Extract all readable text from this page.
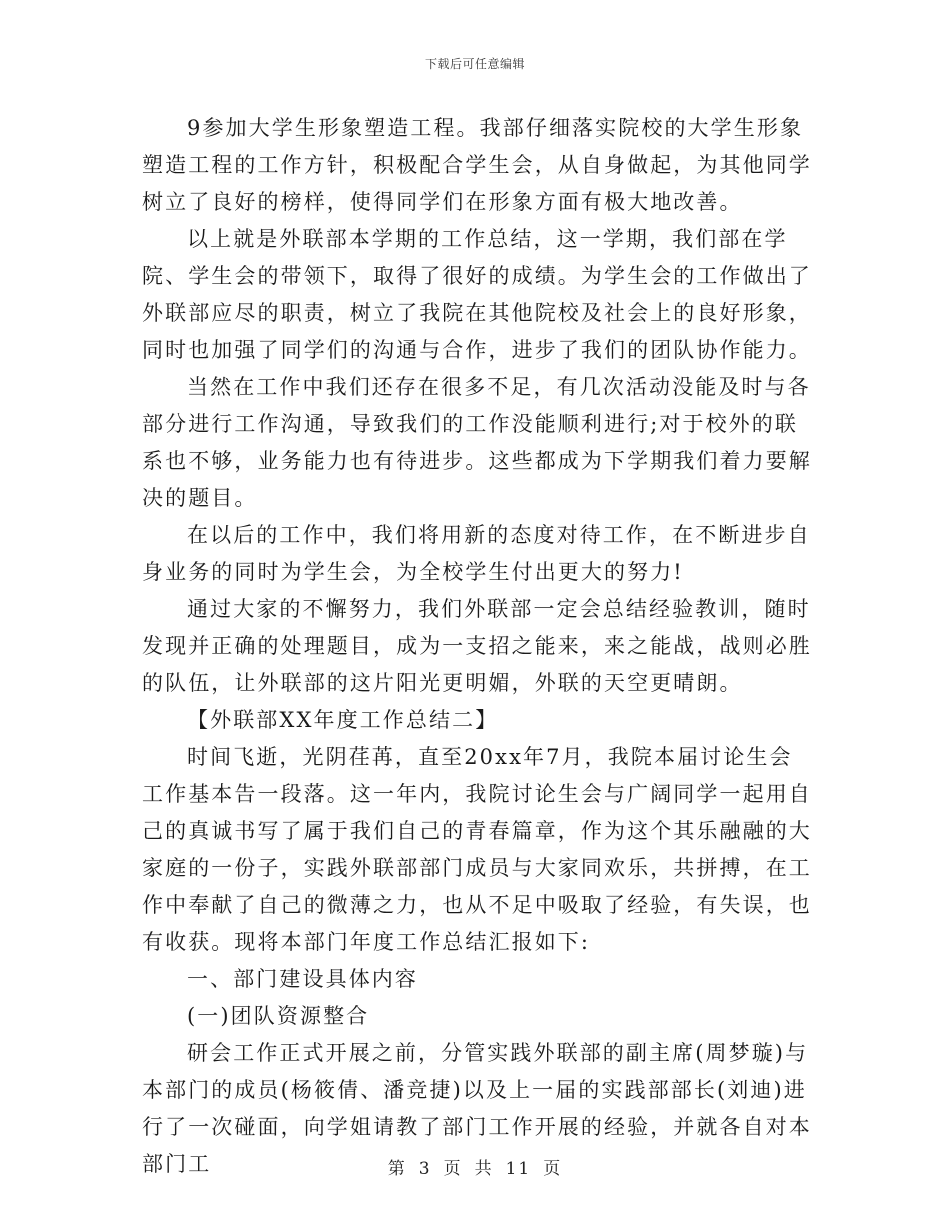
下载后可任意编辑

9参加大学生形象塑造工程。我部仔细落实院校的大学生形象塑造工程的工作方针，积极配合学生会，从自身做起，为其他同学树立了良好的榜样，使得同学们在形象方面有极大地改善。

以上就是外联部本学期的工作总结，这一学期，我们部在学院、学生会的带领下，取得了很好的成绩。为学生会的工作做出了外联部应尽的职责，树立了我院在其他院校及社会上的良好形象，同时也加强了同学们的沟通与合作，进步了我们的团队协作能力。

当然在工作中我们还存在很多不足，有几次活动没能及时与各部分进行工作沟通，导致我们的工作没能顺利进行;对于校外的联系也不够，业务能力也有待进步。这些都成为下学期我们着力要解决的题目。

在以后的工作中，我们将用新的态度对待工作，在不断进步自身业务的同时为学生会，为全校学生付出更大的努力!

通过大家的不懈努力，我们外联部一定会总结经验教训，随时发现并正确的处理题目，成为一支招之能来，来之能战，战则必胜的队伍，让外联部的这片阳光更明媚，外联的天空更晴朗。

【外联部XX年度工作总结二】

时间飞逝，光阴荏苒，直至20xx年7月，我院本届讨论生会工作基本告一段落。这一年内，我院讨论生会与广阔同学一起用自己的真诚书写了属于我们自己的青春篇章，作为这个其乐融融的大家庭的一份子，实践外联部部门成员与大家同欢乐，共拼搏，在工作中奉献了自己的微薄之力，也从不足中吸取了经验，有失误，也有收获。现将本部门年度工作总结汇报如下:

一、部门建设具体内容

(一)团队资源整合

研会工作正式开展之前，分管实践外联部的副主席(周梦璇)与本部门的成员(杨筱倩、潘竞捷)以及上一届的实践部部长(刘迪)进行了一次碰面，向学姐请教了部门工作开展的经验，并就各自对本部门工	第 3 页 共 11 页
